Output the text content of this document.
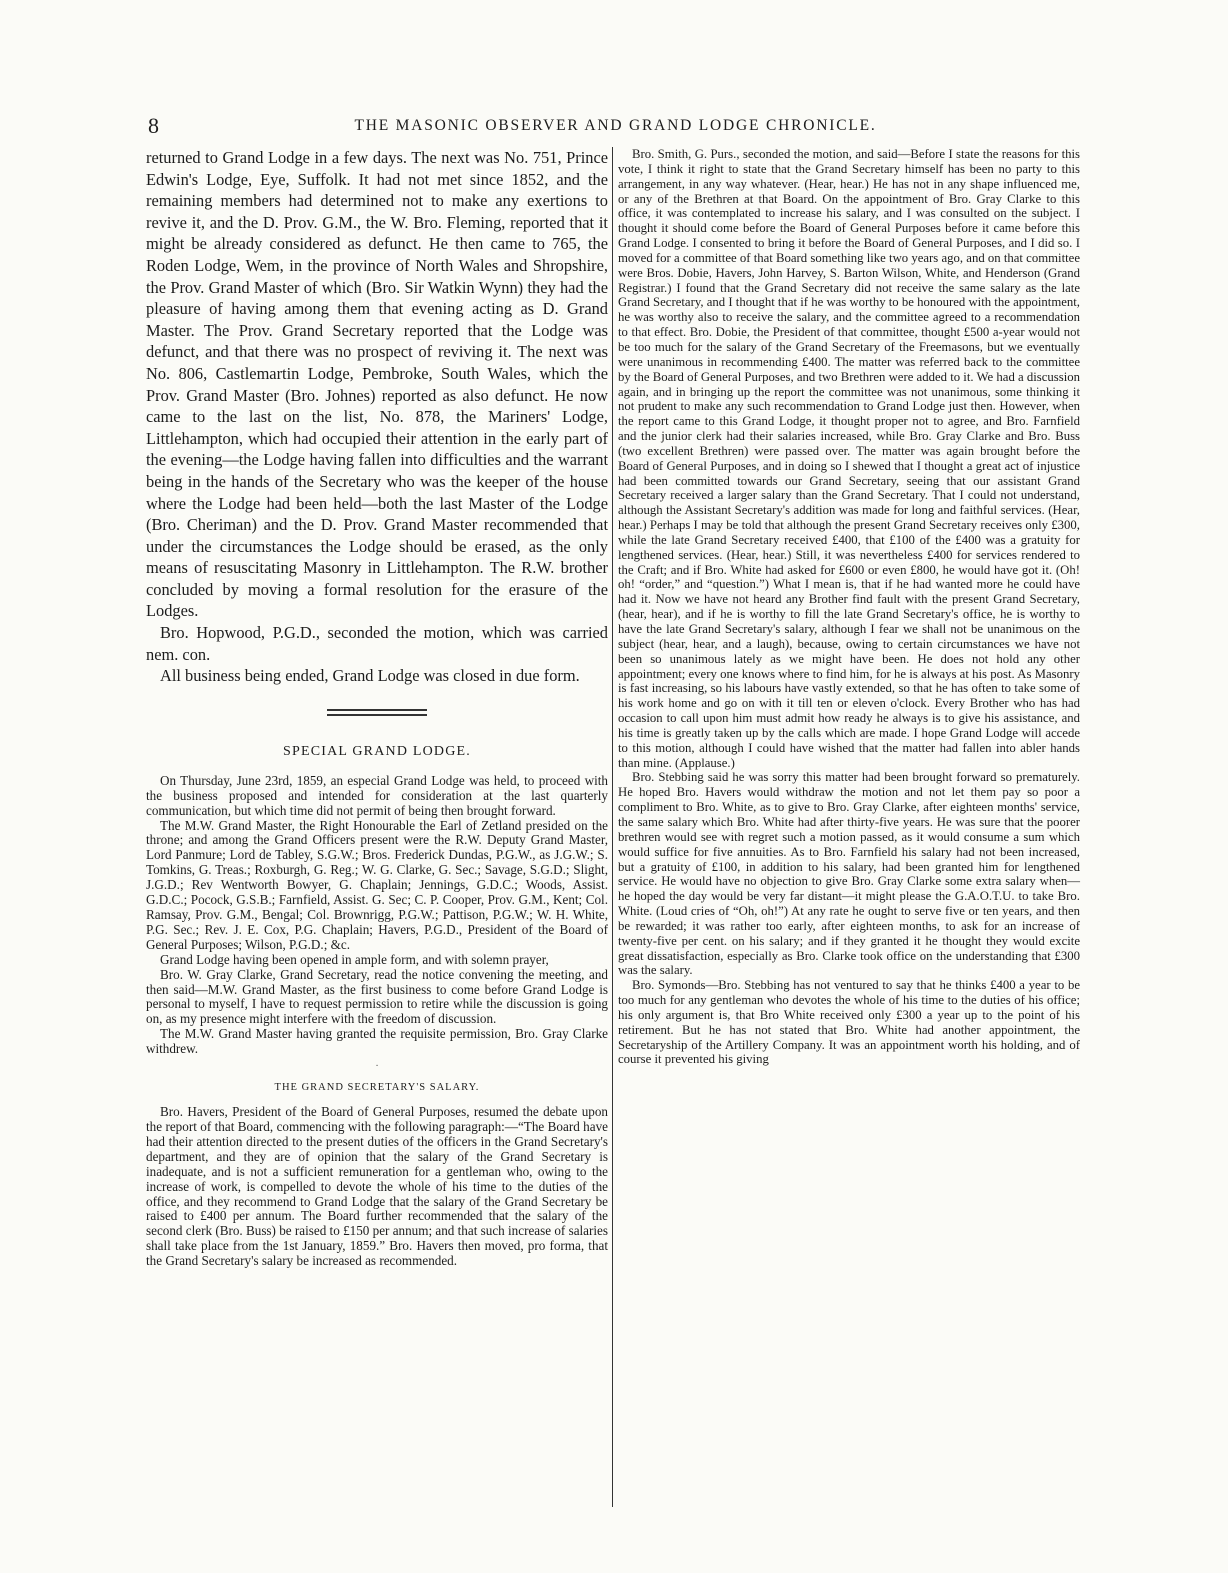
8	THE MASONIC OBSERVER AND GRAND LODGE CHRONICLE.

returned to Grand Lodge in a few days. The next was No. 751, Prince Edwin's Lodge, Eye, Suffolk. It had not met since 1852, and the remaining members had determined not to make any exertions to revive it, and the D. Prov. G.M., the W. Bro. Fleming, reported that it might be already considered as defunct. He then came to 765, the Roden Lodge, Wem, in the province of North Wales and Shropshire, the Prov. Grand Master of which (Bro. Sir Watkin Wynn) they had the pleasure of having among them that evening acting as D. Grand Master. The Prov. Grand Secretary reported that the Lodge was defunct, and that there was no prospect of reviving it. The next was No. 806, Castlemartin Lodge, Pembroke, South Wales, which the Prov. Grand Master (Bro. Johnes) reported as also defunct. He now came to the last on the list, No. 878, the Mariners' Lodge, Littlehampton, which had occupied their attention in the early part of the evening—the Lodge having fallen into difficulties and the warrant being in the hands of the Secretary who was the keeper of the house where the Lodge had been held—both the last Master of the Lodge (Bro. Cheriman) and the D. Prov. Grand Master recommended that under the circumstances the Lodge should be erased, as the only means of resuscitating Masonry in Littlehampton. The R.W. brother concluded by moving a formal resolution for the erasure of the Lodges.

Bro. Hopwood, P.G.D., seconded the motion, which was carried nem. con.

All business being ended, Grand Lodge was closed in due form.

SPECIAL GRAND LODGE.

On Thursday, June 23rd, 1859, an especial Grand Lodge was held, to proceed with the business proposed and intended for consideration at the last quarterly communication, but which time did not permit of being then brought forward.

The M.W. Grand Master, the Right Honourable the Earl of Zetland presided on the throne; and among the Grand Officers present were the R.W. Deputy Grand Master, Lord Panmure; Lord de Tabley, S.G.W.; Bros. Frederick Dundas, P.G.W., as J.G.W.; S. Tomkins, G. Treas.; Roxburgh, G. Reg.; W. G. Clarke, G. Sec.; Savage, S.G.D.; Slight, J.G.D.; Rev Wentworth Bowyer, G. Chaplain; Jennings, G.D.C.; Woods, Assist. G.D.C.; Pocock, G.S.B.; Farnfield, Assist. G. Sec; C. P. Cooper, Prov. G.M., Kent; Col. Ramsay, Prov. G.M., Bengal; Col. Brownrigg, P.G.W.; Pattison, P.G.W.; W. H. White, P.G. Sec.; Rev. J. E. Cox, P.G. Chaplain; Havers, P.G.D., President of the Board of General Purposes; Wilson, P.G.D.; &c.

Grand Lodge having been opened in ample form, and with solemn prayer,

Bro. W. Gray Clarke, Grand Secretary, read the notice convening the meeting, and then said—M.W. Grand Master, as the first business to come before Grand Lodge is personal to myself, I have to request permission to retire while the discussion is going on, as my presence might interfere with the freedom of discussion.

The M.W. Grand Master having granted the requisite permission, Bro. Gray Clarke withdrew.

·
THE GRAND SECRETARY'S SALARY.

Bro. Havers, President of the Board of General Purposes, resumed the debate upon the report of that Board, commencing with the following paragraph:—“The Board have had their attention directed to the present duties of the officers in the Grand Secretary's department, and they are of opinion that the salary of the Grand Secretary is inadequate, and is not a sufficient remuneration for a gentleman who, owing to the increase of work, is compelled to devote the whole of his time to the duties of the office, and they recommend to Grand Lodge that the salary of the Grand Secretary be raised to £400 per annum. The Board further recommended that the salary of the second clerk (Bro. Buss) be raised to £150 per annum; and that such increase of salaries shall take place from the 1st January, 1859.” Bro. Havers then moved, pro forma, that the Grand Secretary's salary be increased as recommended.

Bro. Smith, G. Purs., seconded the motion, and said—Before I state the reasons for this vote, I think it right to state that the Grand Secretary himself has been no party to this arrangement, in any way whatever. (Hear, hear.) He has not in any shape influenced me, or any of the Brethren at that Board. On the appointment of Bro. Gray Clarke to this office, it was contemplated to increase his salary, and I was consulted on the subject. I thought it should come before the Board of General Purposes before it came before this Grand Lodge. I consented to bring it before the Board of General Purposes, and I did so. I moved for a committee of that Board something like two years ago, and on that committee were Bros. Dobie, Havers, John Harvey, S. Barton Wilson, White, and Henderson (Grand Registrar.) I found that the Grand Secretary did not receive the same salary as the late Grand Secretary, and I thought that if he was worthy to be honoured with the appointment, he was worthy also to receive the salary, and the committee agreed to a recommendation to that effect. Bro. Dobie, the President of that committee, thought £500 a-year would not be too much for the salary of the Grand Secretary of the Freemasons, but we eventually were unanimous in recommending £400. The matter was referred back to the committee by the Board of General Purposes, and two Brethren were added to it. We had a discussion again, and in bringing up the report the committee was not unanimous, some thinking it not prudent to make any such recommendation to Grand Lodge just then. However, when the report came to this Grand Lodge, it thought proper not to agree, and Bro. Farnfield and the junior clerk had their salaries increased, while Bro. Gray Clarke and Bro. Buss (two excellent Brethren) were passed over. The matter was again brought before the Board of General Purposes, and in doing so I shewed that I thought a great act of injustice had been committed towards our Grand Secretary, seeing that our assistant Grand Secretary received a larger salary than the Grand Secretary. That I could not understand, although the Assistant Secretary's addition was made for long and faithful services. (Hear, hear.) Perhaps I may be told that although the present Grand Secretary receives only £300, while the late Grand Secretary received £400, that £100 of the £400 was a gratuity for lengthened services. (Hear, hear.) Still, it was nevertheless £400 for services rendered to the Craft; and if Bro. White had asked for £600 or even £800, he would have got it. (Oh! oh! “order,” and “question.”) What I mean is, that if he had wanted more he could have had it. Now we have not heard any Brother find fault with the present Grand Secretary, (hear, hear), and if he is worthy to fill the late Grand Secretary's office, he is worthy to have the late Grand Secretary's salary, although I fear we shall not be unanimous on the subject (hear, hear, and a laugh), because, owing to certain circumstances we have not been so unanimous lately as we might have been. He does not hold any other appointment; every one knows where to find him, for he is always at his post. As Masonry is fast increasing, so his labours have vastly extended, so that he has often to take some of his work home and go on with it till ten or eleven o'clock. Every Brother who has had occasion to call upon him must admit how ready he always is to give his assistance, and his time is greatly taken up by the calls which are made. I hope Grand Lodge will accede to this motion, although I could have wished that the matter had fallen into abler hands than mine. (Applause.)

Bro. Stebbing said he was sorry this matter had been brought forward so prematurely. He hoped Bro. Havers would withdraw the motion and not let them pay so poor a compliment to Bro. White, as to give to Bro. Gray Clarke, after eighteen months' service, the same salary which Bro. White had after thirty-five years. He was sure that the poorer brethren would see with regret such a motion passed, as it would consume a sum which would suffice for five annuities. As to Bro. Farnfield his salary had not been increased, but a gratuity of £100, in addition to his salary, had been granted him for lengthened service. He would have no objection to give Bro. Gray Clarke some extra salary when—he hoped the day would be very far distant—it might please the G.A.O.T.U. to take Bro. White. (Loud cries of “Oh, oh!”) At any rate he ought to serve five or ten years, and then be rewarded; it was rather too early, after eighteen months, to ask for an increase of twenty-five per cent. on his salary; and if they granted it he thought they would excite great dissatisfaction, especially as Bro. Clarke took office on the understanding that £300 was the salary.

Bro. Symonds—Bro. Stebbing has not ventured to say that he thinks £400 a year to be too much for any gentleman who devotes the whole of his time to the duties of his office; his only argument is, that Bro White received only £300 a year up to the point of his retirement. But he has not stated that Bro. White had another appointment, the Secretaryship of the Artillery Company. It was an appointment worth his holding, and of course it prevented his giving
